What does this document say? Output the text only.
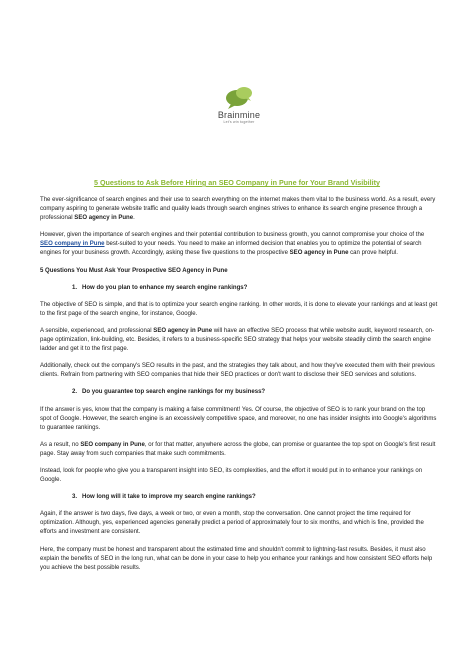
Brainmine
Let's win together
5 Questions to Ask Before Hiring an SEO Company in Pune for Your Brand Visibility

The ever-significance of search engines and their use to search everything on the internet makes them vital to the business world. As a result, every company aspiring to generate website traffic and quality leads through search engines strives to enhance its search engine presence through a professional SEO agency in Pune.

However, given the importance of search engines and their potential contribution to business growth, you cannot compromise your choice of the SEO company in Pune best-suited to your needs. You need to make an informed decision that enables you to optimize the potential of search engines for your business growth. Accordingly, asking these five questions to the prospective SEO agency in Pune can prove helpful.

5 Questions You Must Ask Your Prospective SEO Agency in Pune

1. How do you plan to enhance my search engine rankings?

The objective of SEO is simple, and that is to optimize your search engine ranking. In other words, it is done to elevate your rankings and at least get to the first page of the search engine, for instance, Google.

A sensible, experienced, and professional SEO agency in Pune will have an effective SEO process that while website audit, keyword research, on-page optimization, link-building, etc. Besides, it refers to a business-specific SEO strategy that helps your website steadily climb the search engine ladder and get it to the first page.

Additionally, check out the company's SEO results in the past, and the strategies they talk about, and how they've executed them with their previous clients. Refrain from partnering with SEO companies that hide their SEO practices or don't want to disclose their SEO services and solutions.

2. Do you guarantee top search engine rankings for my business?

If the answer is yes, know that the company is making a false commitment! Yes. Of course, the objective of SEO is to rank your brand on the top spot of Google. However, the search engine is an excessively competitive space, and moreover, no one has insider insights into Google's algorithms to guarantee rankings.

As a result, no SEO company in Pune, or for that matter, anywhere across the globe, can promise or guarantee the top spot on Google's first result page. Stay away from such companies that make such commitments.

Instead, look for people who give you a transparent insight into SEO, its complexities, and the effort it would put in to enhance your rankings on Google.

3. How long will it take to improve my search engine rankings?

Again, if the answer is two days, five days, a week or two, or even a month, stop the conversation. One cannot project the time required for optimization. Although, yes, experienced agencies generally predict a period of approximately four to six months, and which is fine, provided the efforts and investment are consistent.

Here, the company must be honest and transparent about the estimated time and shouldn't commit to lightning-fast results. Besides, it must also explain the benefits of SEO in the long run, what can be done in your case to help you enhance your rankings and how consistent SEO efforts help you achieve the best possible results.
